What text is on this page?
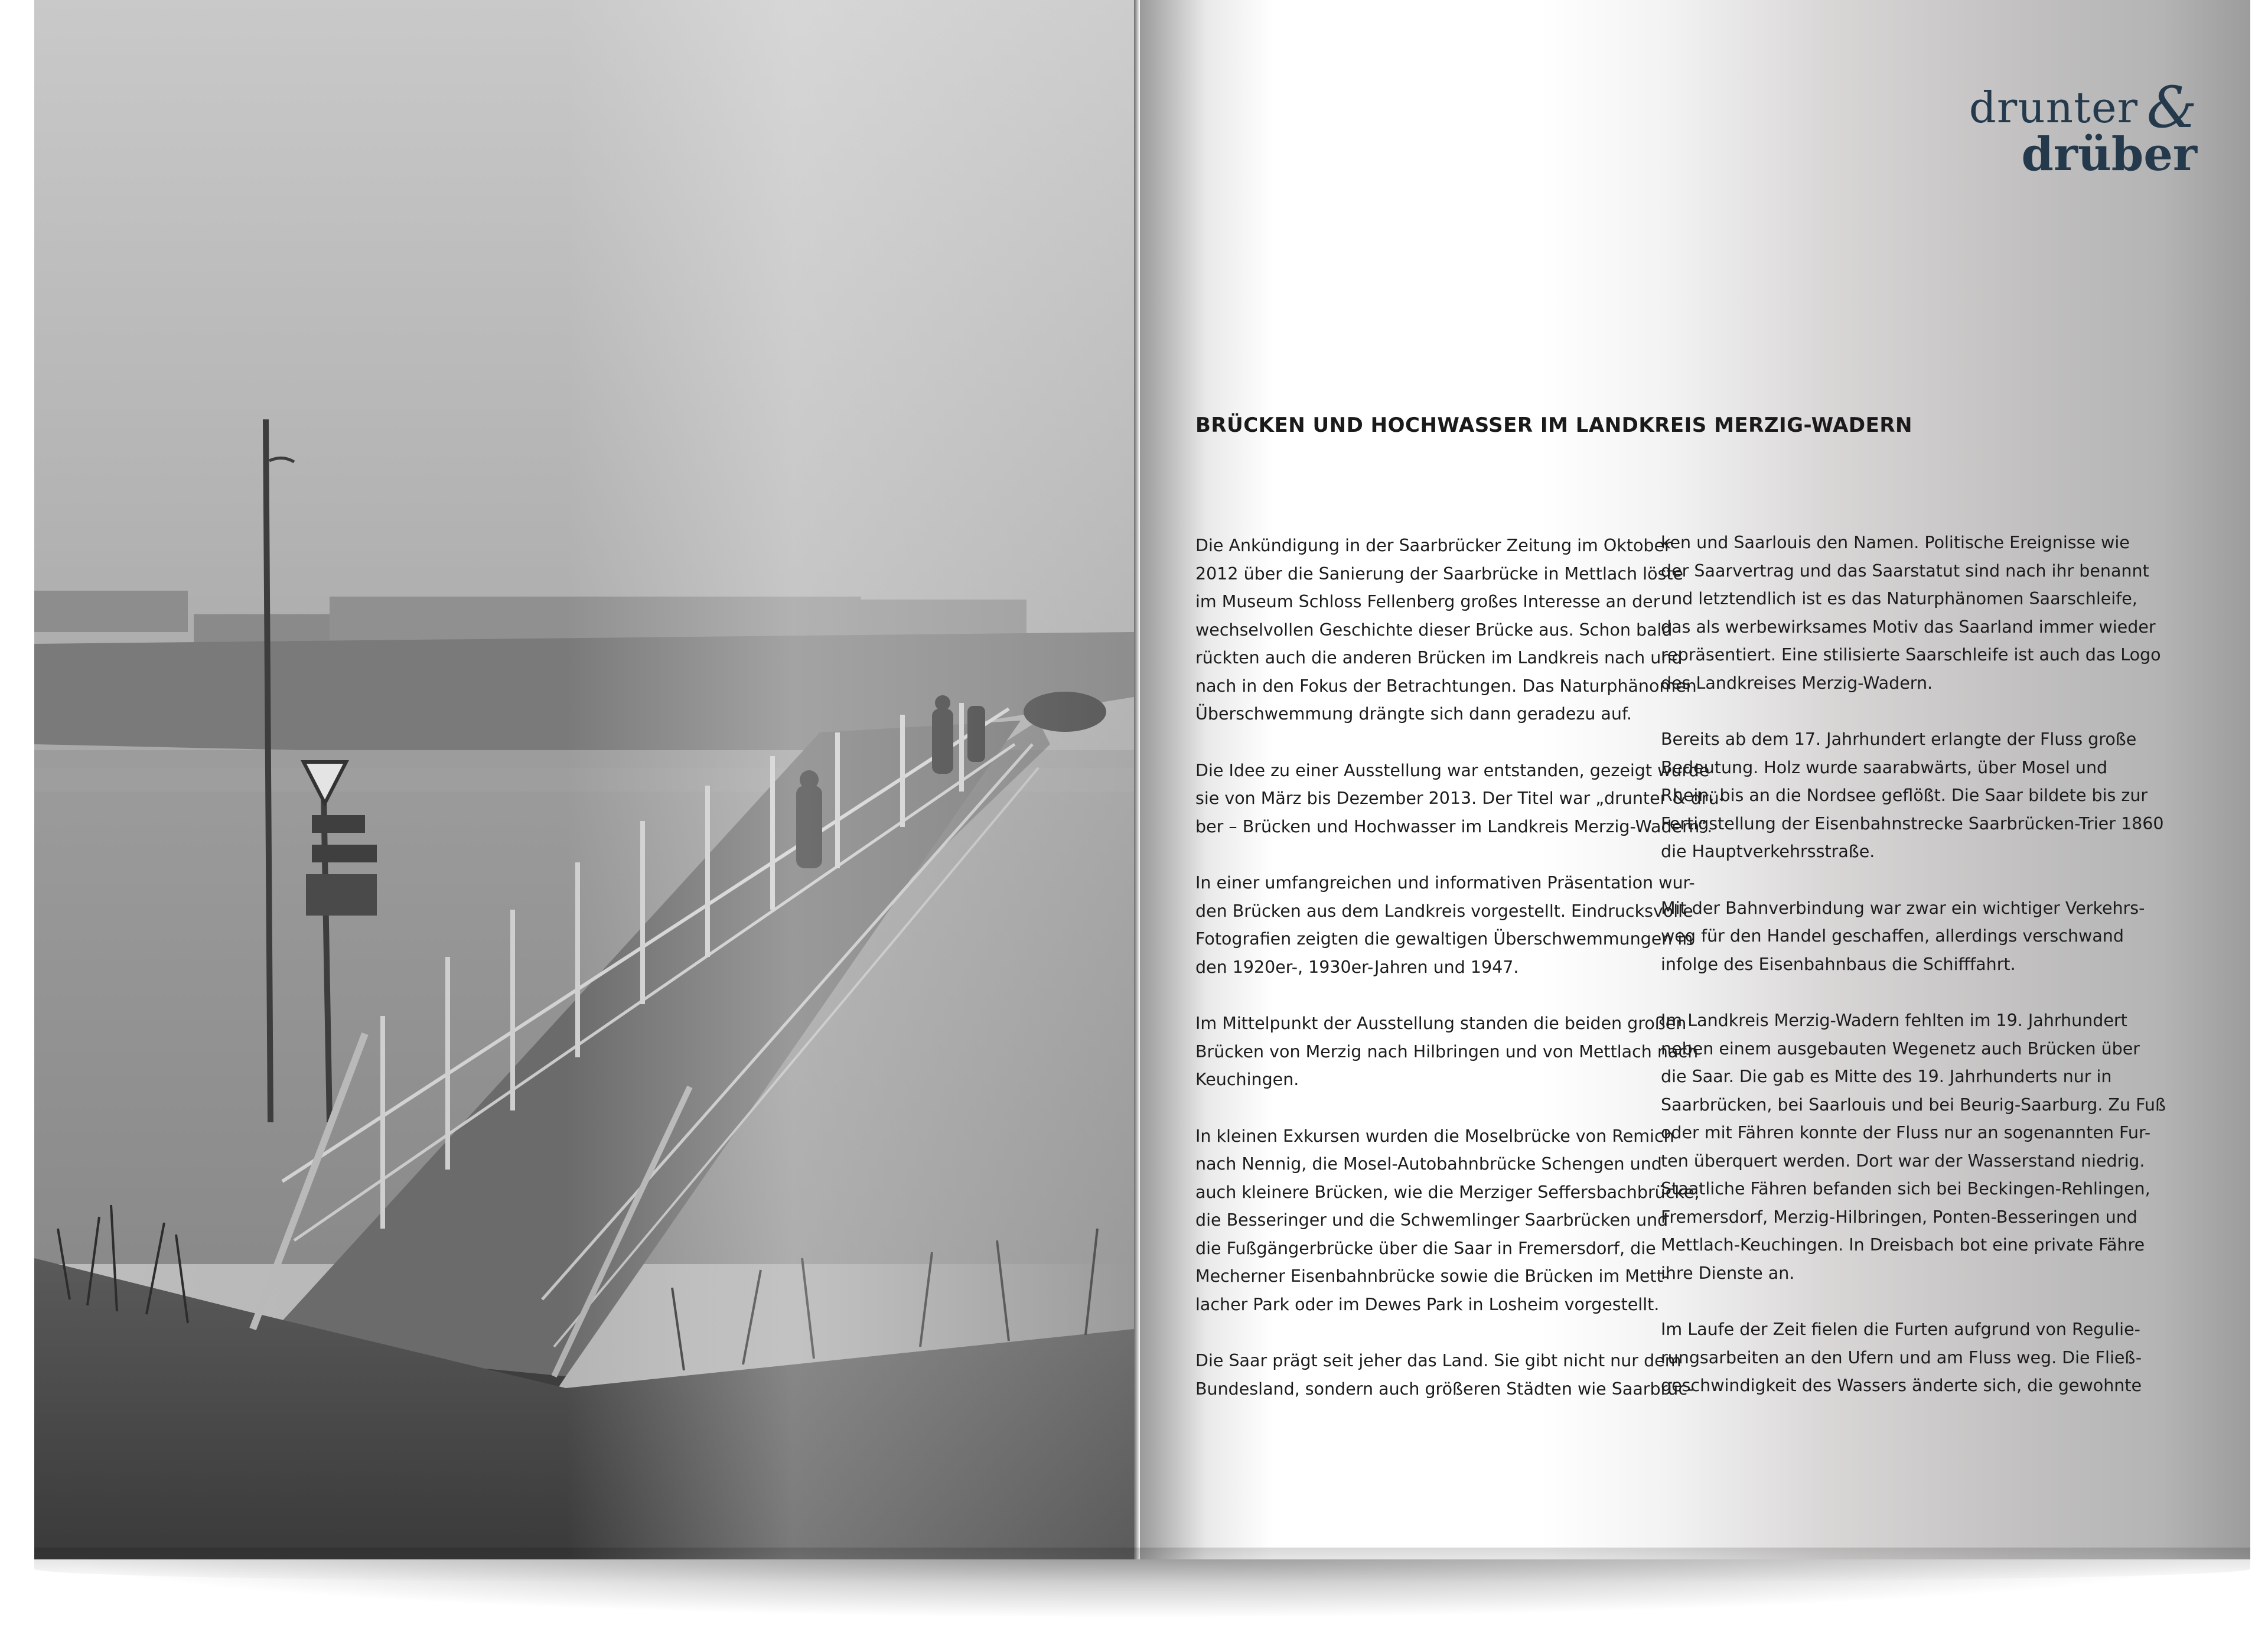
drunter &
drüber
BRÜCKEN UND HOCHWASSER IM LANDKREIS MERZIG-WADERN

Die Ankündigung in der Saarbrücker Zeitung im Oktober
2012 über die Sanierung der Saarbrücke in Mettlach löste
im Museum Schloss Fellenberg großes Interesse an der
wechselvollen Geschichte dieser Brücke aus. Schon bald
rückten auch die anderen Brücken im Landkreis nach und
nach in den Fokus der Betrachtungen. Das Naturphänomen
Überschwemmung drängte sich dann geradezu auf.

Die Idee zu einer Ausstellung war entstanden, gezeigt wurde
sie von März bis Dezember 2013. Der Titel war „drunter & drü-
ber – Brücken und Hochwasser im Landkreis Merzig-Wadern“.

In einer umfangreichen und informativen Präsentation wur-
den Brücken aus dem Landkreis vorgestellt. Eindrucksvolle
Fotografien zeigten die gewaltigen Überschwemmungen in
den 1920er-, 1930er-Jahren und 1947.

Im Mittelpunkt der Ausstellung standen die beiden großen
Brücken von Merzig nach Hilbringen und von Mettlach nach
Keuchingen.

In kleinen Exkursen wurden die Moselbrücke von Remich
nach Nennig, die Mosel-Autobahnbrücke Schengen und
auch kleinere Brücken, wie die Merziger Seffersbachbrücke,
die Besseringer und die Schwemlinger Saarbrücken und
die Fußgängerbrücke über die Saar in Fremersdorf, die
Mecherner Eisenbahnbrücke sowie die Brücken im Mett-
lacher Park oder im Dewes Park in Losheim vorgestellt.

Die Saar prägt seit jeher das Land. Sie gibt nicht nur dem
Bundesland, sondern auch größeren Städten wie Saarbrüc-

ken und Saarlouis den Namen. Politische Ereignisse wie
der Saarvertrag und das Saarstatut sind nach ihr benannt
und letztendlich ist es das Naturphänomen Saarschleife,
das als werbewirksames Motiv das Saarland immer wieder
repräsentiert. Eine stilisierte Saarschleife ist auch das Logo
des Landkreises Merzig-Wadern.

Bereits ab dem 17. Jahrhundert erlangte der Fluss große
Bedeutung. Holz wurde saarabwärts, über Mosel und
Rhein, bis an die Nordsee geflößt. Die Saar bildete bis zur
Fertigstellung der Eisenbahnstrecke Saarbrücken-Trier 1860
die Hauptverkehrsstraße.

Mit der Bahnverbindung war zwar ein wichtiger Verkehrs-
weg für den Handel geschaffen, allerdings verschwand
infolge des Eisenbahnbaus die Schifffahrt.

Im Landkreis Merzig-Wadern fehlten im 19. Jahrhundert
neben einem ausgebauten Wegenetz auch Brücken über
die Saar. Die gab es Mitte des 19. Jahrhunderts nur in
Saarbrücken, bei Saarlouis und bei Beurig-Saarburg. Zu Fuß
oder mit Fähren konnte der Fluss nur an sogenannten Fur-
ten überquert werden. Dort war der Wasserstand niedrig.
Staatliche Fähren befanden sich bei Beckingen-Rehlingen,
Fremersdorf, Merzig-Hilbringen, Ponten-Besseringen und
Mettlach-Keuchingen. In Dreisbach bot eine private Fähre
ihre Dienste an.

Im Laufe der Zeit fielen die Furten aufgrund von Regulie-
rungsarbeiten an den Ufern und am Fluss weg. Die Fließ-
geschwindigkeit des Wassers änderte sich, die gewohnte
